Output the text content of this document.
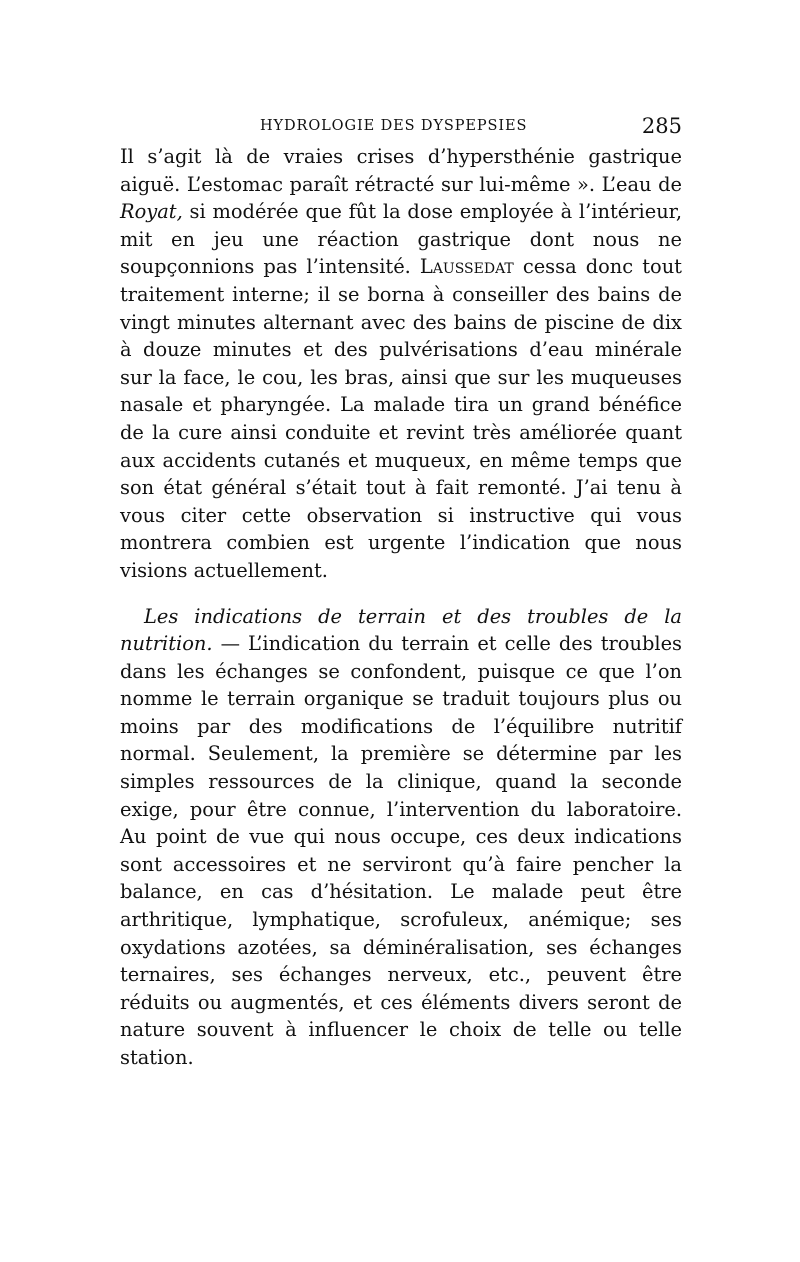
HYDROLOGIE DES DYSPEPSIES	285

Il s’agit là de vraies crises d’hypersthénie gastrique aiguë. L’estomac paraît rétracté sur lui-même ». L’eau de Royat, si modérée que fût la dose employée à l’intérieur, mit en jeu une réaction gastrique dont nous ne soupçonnions pas l’intensité. Laussedat cessa donc tout traitement interne; il se borna à conseiller des bains de vingt minutes alternant avec des bains de piscine de dix à douze minutes et des pulvérisations d’eau minérale sur la face, le cou, les bras, ainsi que sur les muqueuses nasale et pharyngée. La malade tira un grand bénéfice de la cure ainsi conduite et revint très améliorée quant aux accidents cutanés et muqueux, en même temps que son état général s’était tout à fait remonté. J’ai tenu à vous citer cette observation si instructive qui vous montrera combien est urgente l’indication que nous visions actuellement.

Les indications de terrain et des troubles de la nutrition. — L’indication du terrain et celle des troubles dans les échanges se confondent, puisque ce que l’on nomme le terrain organique se traduit toujours plus ou moins par des modifications de l’équilibre nutritif normal. Seulement, la première se détermine par les simples ressources de la clinique, quand la seconde exige, pour être connue, l’intervention du laboratoire. Au point de vue qui nous occupe, ces deux indications sont accessoires et ne serviront qu’à faire pencher la balance, en cas d’hésitation. Le malade peut être arthritique, lymphatique, scrofuleux, anémique; ses oxydations azotées, sa déminéralisation, ses échanges ternaires, ses échanges nerveux, etc., peuvent être réduits ou augmentés, et ces éléments divers seront de nature souvent à influencer le choix de telle ou telle station.
